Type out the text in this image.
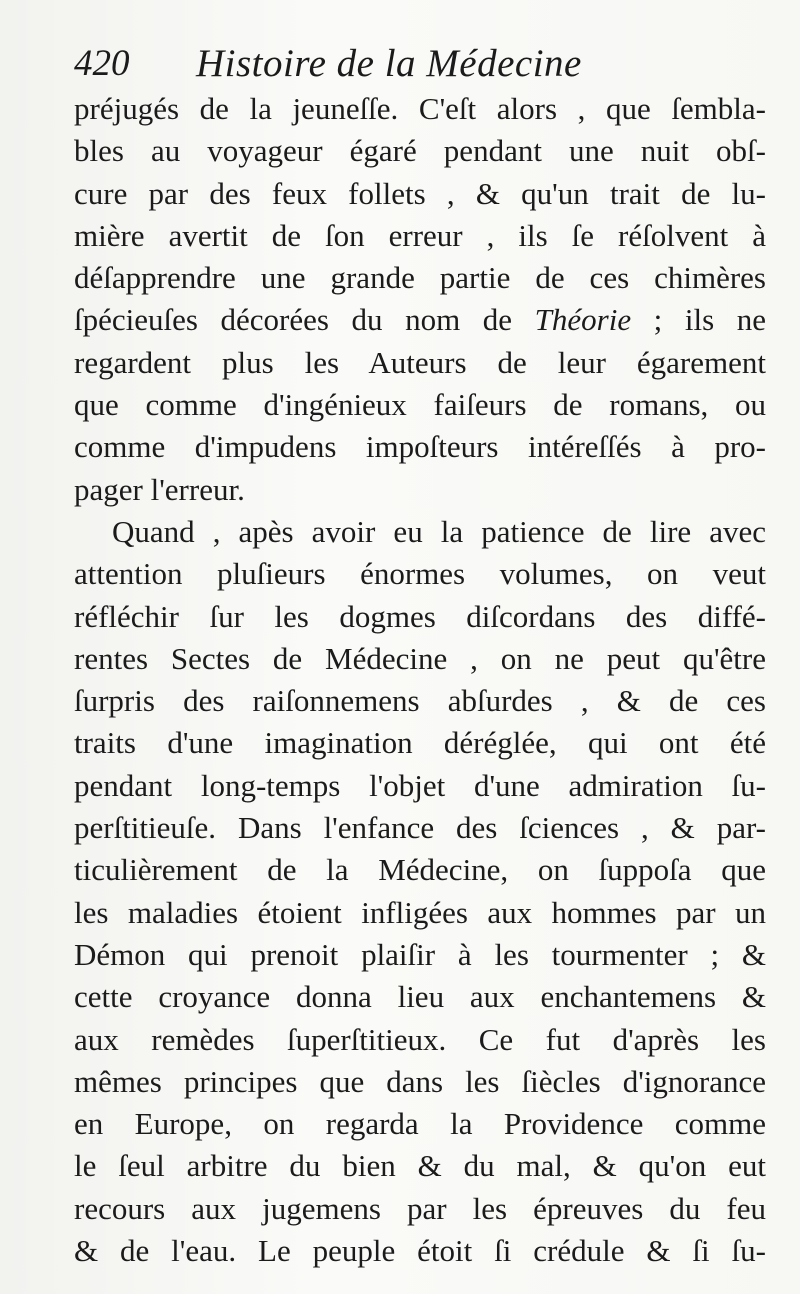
420 Histoire de la Médecine
préjugés de la jeuneſſe. C'eſt alors , que ſembla-
bles au voyageur égaré pendant une nuit obſ-
cure par des feux follets , & qu'un trait de lu-
mière avertit de ſon erreur , ils ſe réſolvent à
déſapprendre une grande partie de ces chimères
ſpécieuſes décorées du nom de Théorie ; ils ne
regardent plus les Auteurs de leur égarement
que comme d'ingénieux faiſeurs de romans, ou
comme d'impudens impoſteurs intéreſſés à pro-
pager l'erreur.
Quand , apès avoir eu la patience de lire avec
attention pluſieurs énormes volumes, on veut
réfléchir ſur les dogmes diſcordans des diffé-
rentes Sectes de Médecine , on ne peut qu'être
ſurpris des raiſonnemens abſurdes , & de ces
traits d'une imagination déréglée, qui ont été
pendant long-temps l'objet d'une admiration ſu-
perſtitieuſe. Dans l'enfance des ſciences , & par-
ticulièrement de la Médecine, on ſuppoſa que
les maladies étoient infligées aux hommes par un
Démon qui prenoit plaiſir à les tourmenter ; &
cette croyance donna lieu aux enchantemens &
aux remèdes ſuperſtitieux. Ce fut d'après les
mêmes principes que dans les ſiècles d'ignorance
en Europe, on regarda la Providence comme
le ſeul arbitre du bien & du mal, & qu'on eut
recours aux jugemens par les épreuves du feu
& de l'eau. Le peuple étoit ſi crédule & ſi ſu-
